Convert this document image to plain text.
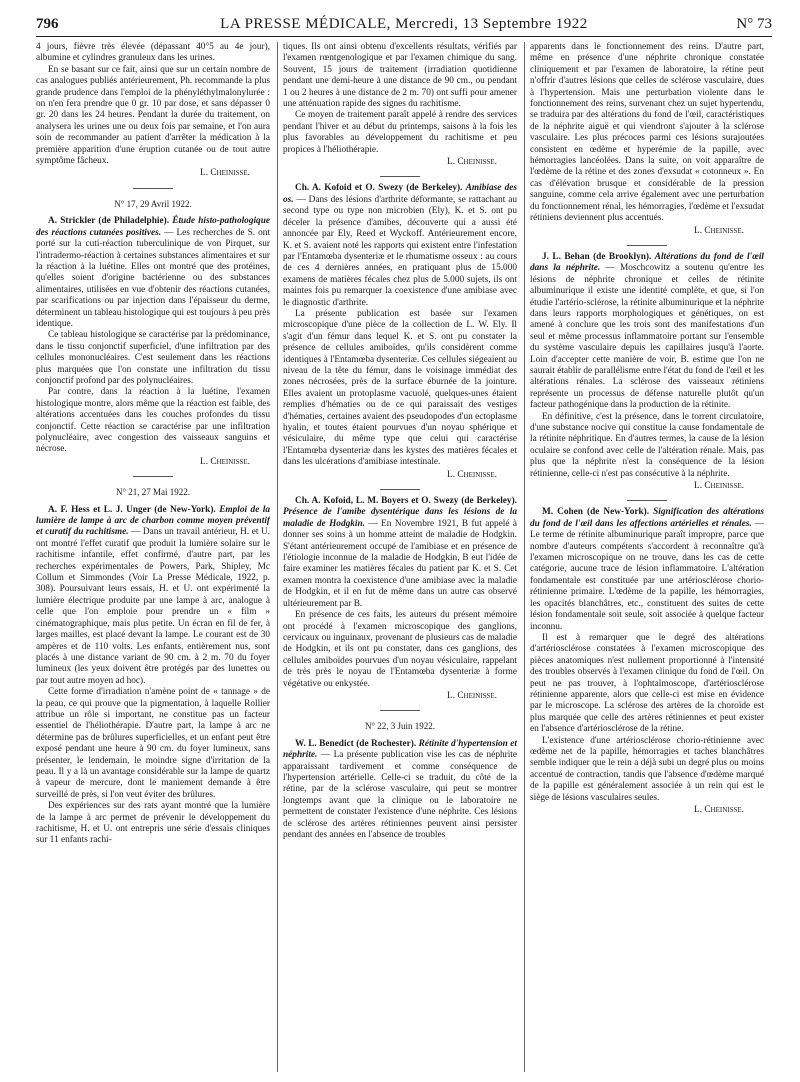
796	LA PRESSE MÉDICALE, Mercredi, 13 Septembre 1922	N° 73

4 jours, fièvre très élevée (dépassant 40°5 au 4e jour), albumine et cylindres granuleux dans les urines.

En se basant sur ce fait, ainsi que sur un certain nombre de cas analogues publiés antérieurement, Ph. recommande la plus grande prudence dans l'emploi de la phényléthylmalonylurée : on n'en fera prendre que 0 gr. 10 par dose, et sans dépasser 0 gr. 20 dans les 24 heures. Pendant la durée du traitement, on analysera les urines une ou deux fois par semaine, et l'on aura soin de recommander au patient d'arrêter la médication à la première apparition d'une éruption cutanée ou de tout autre symptôme fâcheux.

L. Cheinisse.
N° 17, 29 Avril 1922.

A. Strickler (de Philadelphie). Étude histo-pathologique des réactions cutanées positives. — Les recherches de S. ont porté sur la cuti-réaction tuberculinique de von Pirquet, sur l'intradermo-réaction à certaines substances alimentaires et sur la réaction à la luétine. Elles ont montré que des protéines, qu'elles soient d'origine bactérienne ou des substances alimentaires, utilisées en vue d'obtenir des réactions cutanées, par scarifications ou par injection dans l'épaisseur du derme, déterminent un tableau histologique qui est toujours à peu près identique.

Ce tableau histologique se caractérise par la prédominance, dans le tissu conjonctif superficiel, d'une infiltration par des cellules mononucléaires. C'est seulement dans les réactions plus marquées que l'on constate une infiltration du tissu conjonctif profond par des polynucléaires.

Par contre, dans la réaction à la luétine, l'examen histologique montre, alors même que la réaction est faible, des altérations accentuées dans les couches profondes du tissu conjonctif. Cette réaction se caractérise par une infiltration polynucléaire, avec congestion des vaisseaux sanguins et nécrose.

L. Cheinisse.
N° 21, 27 Mai 1922.

A. F. Hess et L. J. Unger (de New-York). Emploi de la lumière de lampe à arc de charbon comme moyen préventif et curatif du rachitisme. — Dans un travail antérieur, H. et U. ont montré l'effet curatif que produit la lumière solaire sur le rachitisme infantile, effet confirmé, d'autre part, par les recherches expérimentales de Powers, Park, Shipley, Mc Collum et Simmondes (Voir La Presse Médicale, 1922, p. 308). Poursuivant leurs essais, H. et U. ont expérimenté la lumière électrique produite par une lampe à arc, analogue à celle que l'on emploie pour prendre un « film » cinématographique, mais plus petite. Un écran en fil de fer, à larges mailles, est placé devant la lampe. Le courant est de 30 ampères et de 110 volts. Les enfants, entièrement nus, sont placés à une distance variant de 90 cm. à 2 m. 70 du foyer lumineux (les yeux doivent être protégés par des lunettes ou par tout autre moyen ad hoc).

Cette forme d'irradiation n'amène point de « tannage » de la peau, ce qui prouve que la pigmentation, à laquelle Rollier attribue un rôle si important, ne constitue pas un facteur essentiel de l'héliothérapie. D'autre part, la lampe à arc ne détermine pas de brûlures superficielles, et un enfant peut être exposé pendant une heure à 90 cm. du foyer lumineux, sans présenter, le lendemain, le moindre signe d'irritation de la peau. Il y a là un avantage considérable sur la lampe de quartz à vapeur de mercure, dont le maniement demande à être surveillé de près, si l'on veut éviter des brûlures.

Des expériences sur des rats ayant montré que la lumière de la lampe à arc permet de prévenir le développement du rachitisme, H. et U. ont entrepris une série d'essais cliniques sur 11 enfants rachi-

tiques. Ils ont ainsi obtenu d'excellents résultats, vérifiés par l'examen rœntgenologique et par l'examen chimique du sang. Souvent, 15 jours de traitement (irradiation quotidienne pendant une demi-heure à une distance de 90 cm., ou pendant 1 ou 2 heures à une distance de 2 m. 70) ont suffi pour amener une atténuation rapide des signes du rachitisme.

Ce moyen de traitement paraît appelé à rendre des services pendant l'hiver et au début du printemps, saisons à la fois les plus favorables au développement du rachitisme et peu propices à l'héliothérapie.

L. Cheinisse.

Ch. A. Kofoid et O. Swezy (de Berkeley). Amibiase des os. — Dans des lésions d'arthrite déformante, se rattachant au second type ou type non microbien (Ely), K. et S. ont pu déceler la présence d'amibes, découverte qui a aussi été annoncée par Ely, Reed et Wyckoff. Antérieurement encore, K. et S. avaient noté les rapports qui existent entre l'infestation par l'Entamœba dysenteriæ et le rhumatisme osseux : au cours de ces 4 dernières années, en pratiquant plus de 15.000 examens de matières fécales chez plus de 5.000 sujets, ils ont maintes fois pu remarquer la coexistence d'une amibiase avec le diagnostic d'arthrite.

La présente publication est basée sur l'examen microscopique d'une pièce de la collection de L. W. Ely. Il s'agit d'un fémur dans lequel K. et S. ont pu constater la présence de cellules amiboïdes, qu'ils considèrent comme identiques à l'Entamœba dysenteriæ. Ces cellules siégeaient au niveau de la tête du fémur, dans le voisinage immédiat des zones nécrosées, près de la surface éburnée de la jointure. Elles avaient un protoplasme vacuolé, quelques-unes étaient remplies d'hématies ou de ce qui paraissait des vestiges d'hématies, certaines avaient des pseudopodes d'un ectoplasme hyalin, et toutes étaient pourvues d'un noyau sphérique et vésiculaire, du même type que celui qui caractérise l'Entamœba dysenteriæ dans les kystes des matières fécales et dans les ulcérations d'amibiase intestinale.

L. Cheinisse.

Ch. A. Kofoid, L. M. Boyers et O. Swezy (de Berkeley). Présence de l'amibe dysentérique dans les lésions de la maladie de Hodgkin. — En Novembre 1921, B fut appelé à donner ses soins à un homme atteint de maladie de Hodgkin. S'étant antérieurement occupé de l'amibiase et en présence de l'étiologie inconnue de la maladie de Hodgkin, B eut l'idée de faire examiner les matières fécales du patient par K. et S. Cet examen montra la coexistence d'une amibiase avec la maladie de Hodgkin, et il en fut de même dans un autre cas observé ultérieurement par B.

En présence de ces faits, les auteurs du présent mémoire ont procédé à l'examen microscopique des ganglions, cervicaux ou inguinaux, provenant de plusieurs cas de maladie de Hodgkin, et ils ont pu constater, dans ces ganglions, des cellules amiboïdes pourvues d'un noyau vésiculaire, rappelant de très près le noyau de l'Entamœba dysenteriæ à forme végétative ou enkystée.

L. Cheinisse.
N° 22, 3 Juin 1922.

W. L. Benedict (de Rochester). Rétinite d'hypertension et néphrite. — La présente publication vise les cas de néphrite apparaissant tardivement et comme conséquence de l'hypertension artérielle. Celle-ci se traduit, du côté de la rétine, par de la sclérose vasculaire, qui peut se montrer longtemps avant que la clinique ou le laboratoire ne permettent de constater l'existence d'une néphrite. Ces lésions de sclérose des artères rétiniennes peuvent ainsi persister pendant des années en l'absence de troubles

apparents dans le fonctionnement des reins. D'autre part, même en présence d'une néphrite chronique constatée cliniquement et par l'examen de laboratoire, la rétine peut n'offrir d'autres lésions que celles de sclérose vasculaire, dues à l'hypertension. Mais une perturbation violente dans le fonctionnement des reins, survenant chez un sujet hypertendu, se traduira par des altérations du fond de l'œil, caractéristiques de la néphrite aiguë et qui viendront s'ajouter à la sclérose vasculaire. Les plus précoces parmi ces lésions surajoutées consistent en œdème et hyperémie de la papille, avec hémorragies lancéolées. Dans la suite, on voit apparaître de l'œdème de la rétine et des zones d'exsudat « cotonneux ». En cas d'élévation brusque et considérable de la pression sanguine, comme cela arrive également avec une perturbation du fonctionnement rénal, les hémorragies, l'œdème et l'exsudat rétiniens deviennent plus accentués.

L. Cheinisse.

J. L. Behan (de Brooklyn). Altérations du fond de l'œil dans la néphrite. — Moschcowitz a soutenu qu'entre les lésions de néphrite chronique et celles de rétinite albuminurique il existe une identité complète, et que, si l'on étudie l'artério-sclérose, la rétinite albuminurique et la néphrite dans leurs rapports morphologiques et génétiques, on est amené à conclure que les trois sont des manifestations d'un seul et même processus inflammatoire portant sur l'ensemble du système vasculaire depuis les capillaires jusqu'à l'aorte. Loin d'accepter cette manière de voir, B. estime que l'on ne saurait établir de parallélisme entre l'état du fond de l'œil et les altérations rénales. La sclérose des vaisseaux rétiniens représente un processus de défense naturelle plutôt qu'un facteur pathogénique dans la production de la rétinite.

En définitive, c'est la présence, dans le torrent circulatoire, d'une substance nocive qui constitue la cause fondamentale de la rétinite néphritique. En d'autres termes, la cause de la lésion oculaire se confond avec celle de l'altération rénale. Mais, pas plus que la néphrite n'est la conséquence de la lésion rétinienne, celle-ci n'est pas consécutive à la néphrite.

L. Cheinisse.

M. Cohen (de New-York). Signification des altérations du fond de l'œil dans les affections artérielles et rénales. — Le terme de rétinite albuminurique paraît impropre, parce que nombre d'auteurs compétents s'accordent à reconnaître qu'à l'examen microscopique on ne trouve, dans les cas de cette catégorie, aucune trace de lésion inflammatoire. L'altération fondamentale est constituée par une artériosclérose chorio-rétinienne primaire. L'œdème de la papille, les hémorragies, les opacités blanchâtres, etc., constituent des suites de cette lésion fondamentale soit seule, soit associée à quelque facteur inconnu.

Il est à remarquer que le degré des altérations d'artériosclérose constatées à l'examen microscopique des pièces anatomiques n'est nullement proportionné à l'intensité des troubles observés à l'examen clinique du fond de l'œil. On peut ne pas trouver, à l'ophtalmoscope, d'artériosclérose rétinienne apparente, alors que celle-ci est mise en évidence par le microscope. La sclérose des artères de la choroïde est plus marquée que celle des artères rétiniennes et peut exister en l'absence d'artériosclérose de la rétine.

L'existence d'une artériosclérose chorio-rétinienne avec œdème net de la papille, hémorragies et taches blanchâtres semble indiquer que le rein a déjà subi un degré plus ou moins accentué de contraction, tandis que l'absence d'œdème marqué de la papille est généralement associée à un rein qui est le siège de lésions vasculaires seules.

L. Cheinisse.
